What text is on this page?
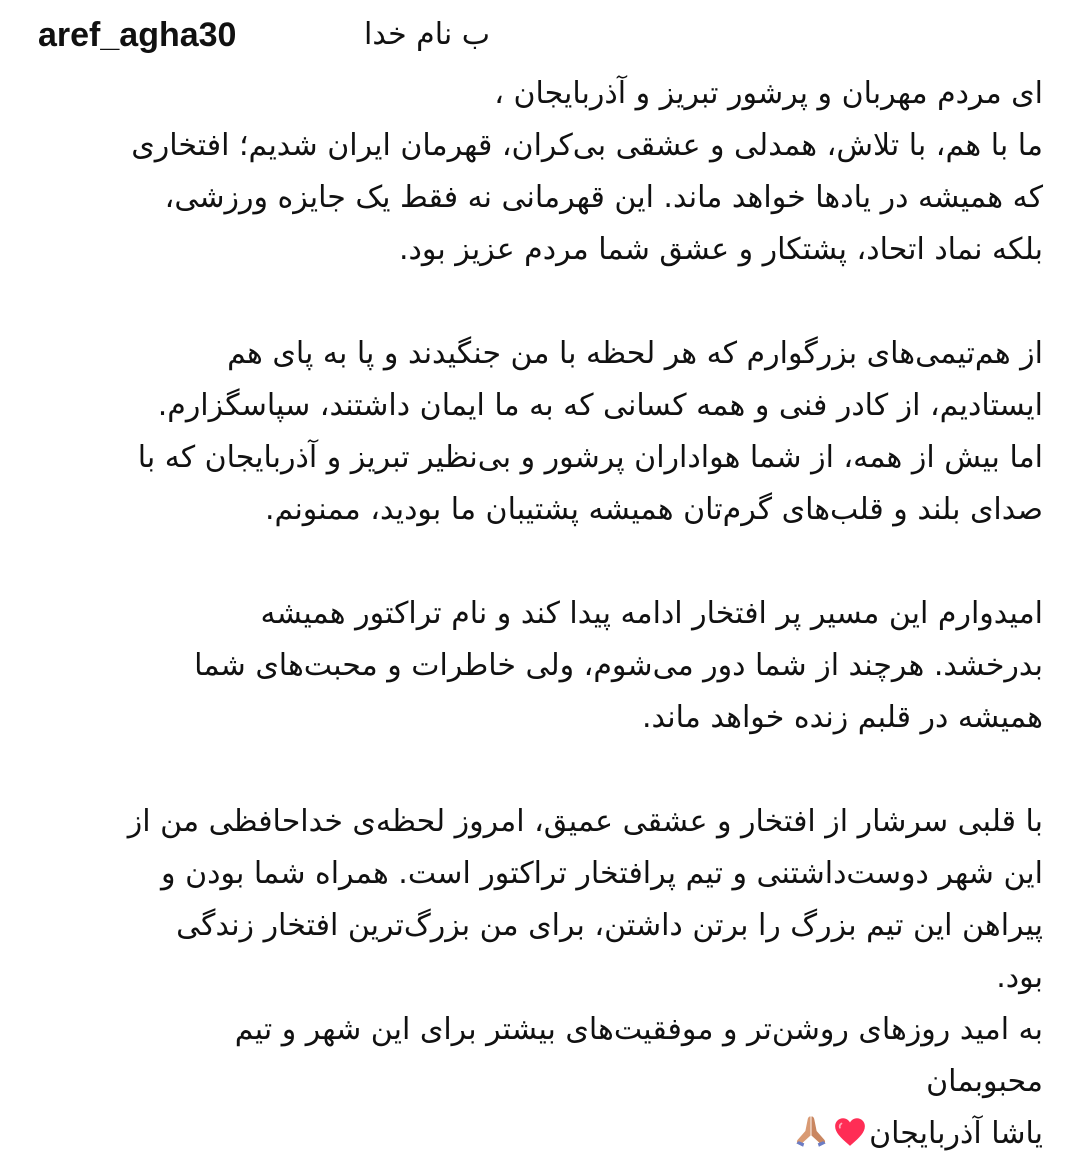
aref_agha30	ب نام خدا
ای مردم مهربان و پرشور تبریز و آذربایجان ،
ما با هم، با تلاش، همدلی و عشقی بی‌کران، قهرمان ایران شدیم؛ افتخاری
که همیشه در یادها خواهد ماند. این قهرمانی نه فقط یک جایزه ورزشی،
بلکه نماد اتحاد، پشتکار و عشق شما مردم عزیز بود.
از هم‌تیمی‌های بزرگوارم که هر لحظه با من جنگیدند و پا به پای هم
ایستادیم، از کادر فنی و همه کسانی که به ما ایمان داشتند، سپاسگزارم.
اما بیش از همه، از شما هواداران پرشور و بی‌نظیر تبریز و آذربایجان که با
صدای بلند و قلب‌های گرم‌تان همیشه پشتیبان ما بودید، ممنونم.
امیدوارم این مسیر پر افتخار ادامه پیدا کند و نام تراکتور همیشه
بدرخشد. هرچند از شما دور می‌شوم، ولی خاطرات و محبت‌های شما
همیشه در قلبم زنده خواهد ماند.
با قلبی سرشار از افتخار و عشقی عمیق، امروز لحظه‌ی خداحافظی من از
این شهر دوست‌داشتنی و تیم پرافتخار تراکتور است. همراه شما بودن و
پیراهن این تیم بزرگ را برتن داشتن، برای من بزرگ‌ترین افتخار زندگی
بود.
به امید روزهای روشن‌تر و موفقیت‌های بیشتر برای این شهر و تیم
محبوبمان
یاشا آذربایجان
